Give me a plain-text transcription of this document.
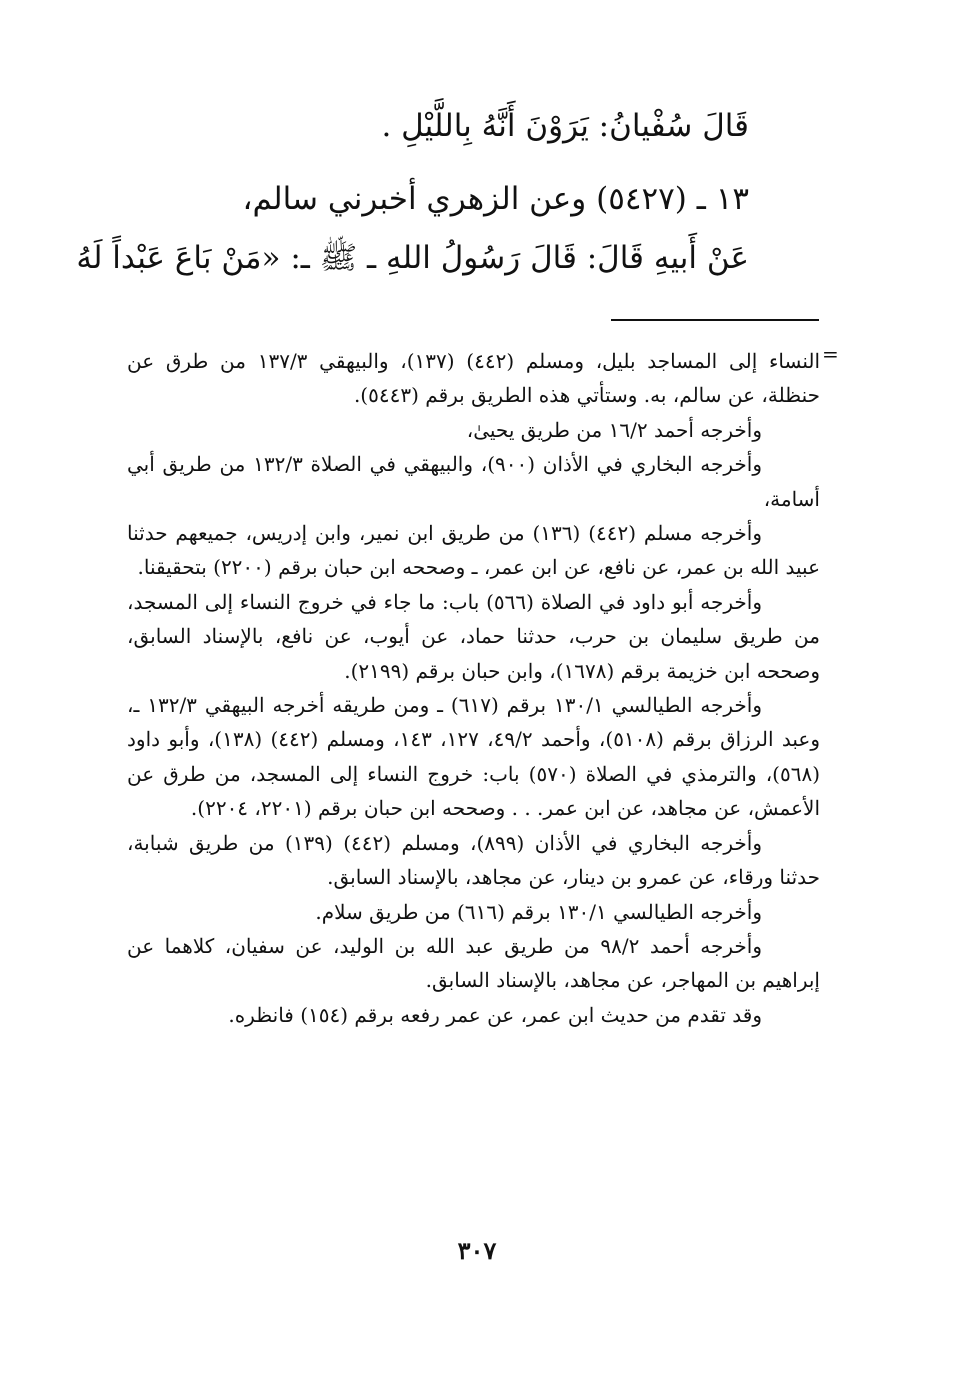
قَالَ سُفْيانُ: يَرَوْنَ أَنَّهُ بِاللَّيْلِ .
١٣ ـ (٥٤٢٧) وعن الزهري أخبرني سالم،
عَنْ أَبيهِ قَالَ: قَالَ رَسُولُ اللهِ ـ ﷺ ـ: «مَنْ بَاعَ عَبْداً لَهُ
=

النساء إلى المساجد بليل، ومسلم (٤٤٢) (١٣٧)، والبيهقي ١٣٧/٣ من طرق عن حنظلة، عن سالم، به. وستأتي هذه الطريق برقم (٥٤٤٣).

وأخرجه أحمد ١٦/٢ من طريق يحيىٰ،

وأخرجه البخاري في الأذان (٩٠٠)، والبيهقي في الصلاة ١٣٢/٣ من طريق أبي أسامة،

وأخرجه مسلم (٤٤٢) (١٣٦) من طريق ابن نمير، وابن إدريس، جميعهم حدثنا عبيد الله بن عمر، عن نافع، عن ابن عمر، ـ وصححه ابن حبان برقم (٢٢٠٠) بتحقيقنا.

وأخرجه أبو داود في الصلاة (٥٦٦) باب: ما جاء في خروج النساء إلى المسجد، من طريق سليمان بن حرب، حدثنا حماد، عن أيوب، عن نافع، بالإسناد السابق، وصححه ابن خزيمة برقم (١٦٧٨)، وابن حبان برقم (٢١٩٩).

وأخرجه الطيالسي ١٣٠/١ برقم (٦١٧) ـ ومن طريقه أخرجه البيهقي ١٣٢/٣ ـ، وعبد الرزاق برقم (٥١٠٨)، وأحمد ٤٩/٢، ١٢٧، ١٤٣، ومسلم (٤٤٢) (١٣٨)، وأبو داود (٥٦٨)، والترمذي في الصلاة (٥٧٠) باب: خروج النساء إلى المسجد، من طرق عن الأعمش، عن مجاهد، عن ابن عمر. . . وصححه ابن حبان برقم (٢٢٠١، ٢٢٠٤).

وأخرجه البخاري في الأذان (٨٩٩)، ومسلم (٤٤٢) (١٣٩) من طريق شبابة، حدثنا ورقاء، عن عمرو بن دينار، عن مجاهد، بالإسناد السابق.

وأخرجه الطيالسي ١٣٠/١ برقم (٦١٦) من طريق سلام.

وأخرجه أحمد ٩٨/٢ من طريق عبد الله بن الوليد، عن سفيان، كلاهما عن إبراهيم بن المهاجر، عن مجاهد، بالإسناد السابق.

وقد تقدم من حديث ابن عمر، عن عمر رفعه برقم (١٥٤) فانظره.

٣٠٧
